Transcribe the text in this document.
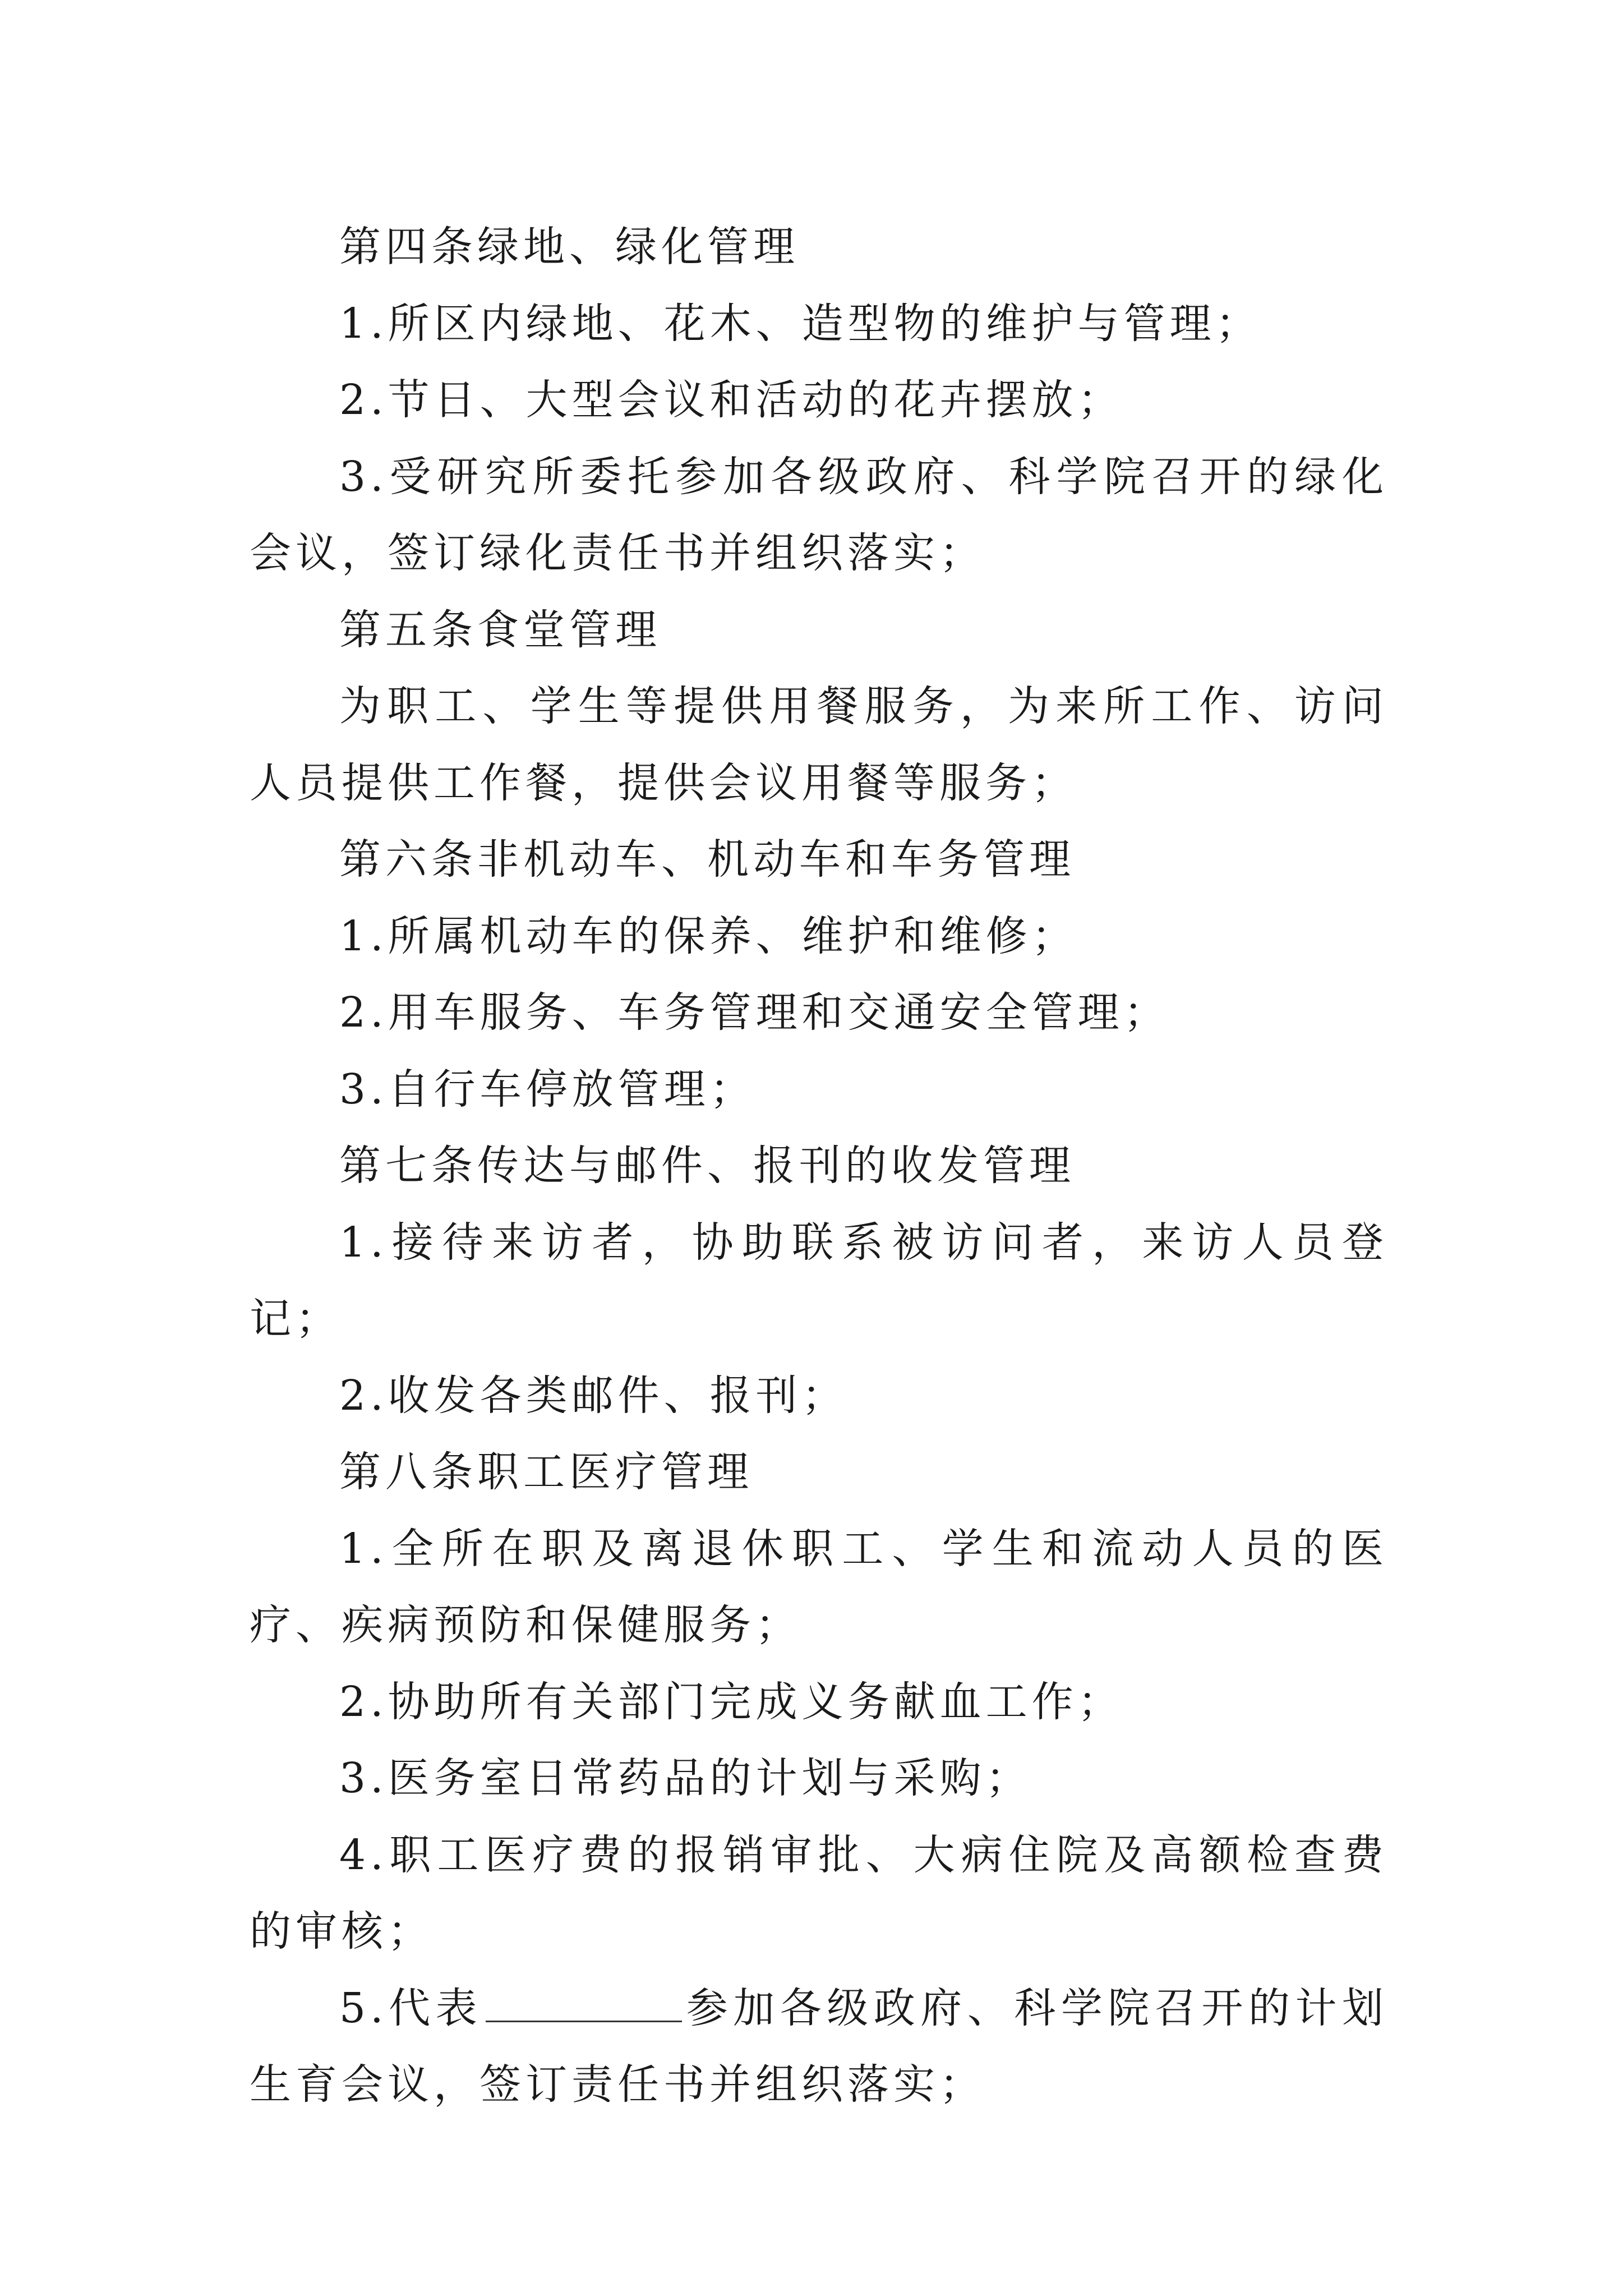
第四条绿地、绿化管理

1.所区内绿地、花木、造型物的维护与管理；

2.节日、大型会议和活动的花卉摆放；

3.受研究所委托参加各级政府、科学院召开的绿化会议，签订绿化责任书并组织落实；

第五条食堂管理

为职工、学生等提供用餐服务，为来所工作、访问人员提供工作餐，提供会议用餐等服务；

第六条非机动车、机动车和车务管理

1.所属机动车的保养、维护和维修；

2.用车服务、车务管理和交通安全管理；

3.自行车停放管理；

第七条传达与邮件、报刊的收发管理

1.接待来访者，协助联系被访问者，来访人员登记；

2.收发各类邮件、报刊；

第八条职工医疗管理

1.全所在职及离退休职工、学生和流动人员的医疗、疾病预防和保健服务；

2.协助所有关部门完成义务献血工作；

3.医务室日常药品的计划与采购；

4.职工医疗费的报销审批、大病住院及高额检查费的审核；

5.代表	参加各级政府、科学院召开的计划生育会议，签订责任书并组织落实；
